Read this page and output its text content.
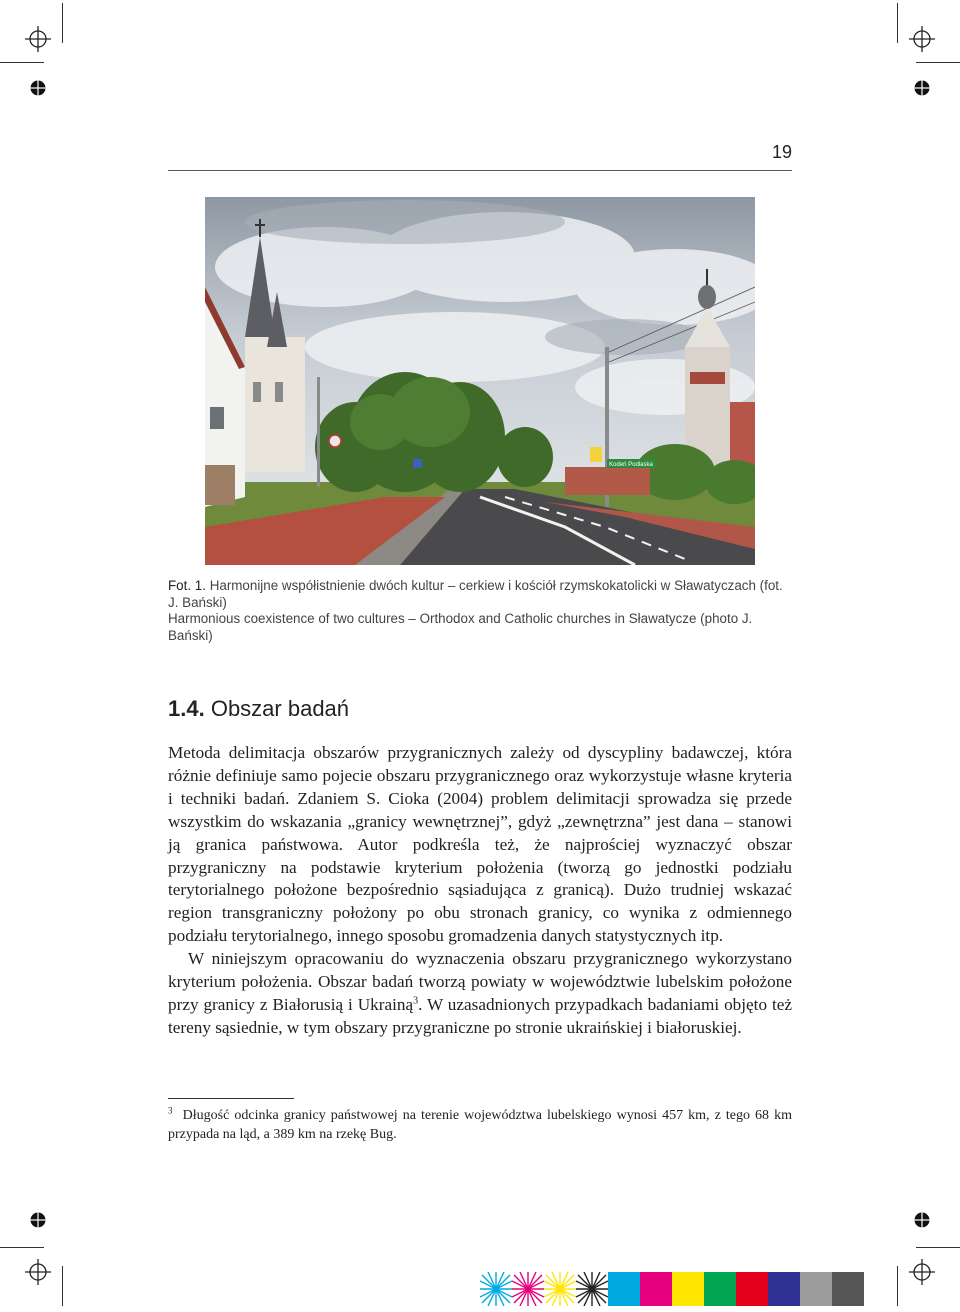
19
Kodeń Podlaska

Fot. 1. Harmonijne współistnienie dwóch kultur – cerkiew i kościół rzymskokatolicki w Sławatyczach (fot. J. Bański)

Harmonious coexistence of two cultures – Orthodox and Catholic churches in Sławatycze (photo J. Bański)

1.4. Obszar badań

Metoda delimitacja obszarów przygranicznych zależy od dyscypliny badawczej, która różnie definiuje samo pojecie obszaru przygranicznego oraz wykorzystuje własne kryteria i techniki badań. Zdaniem S. Cioka (2004) problem delimitacji sprowadza się przede wszystkim do wskazania „granicy wewnętrznej”, gdyż „zewnętrzna” jest dana – stanowi ją granica państwowa. Autor podkreśla też, że najprościej wyznaczyć obszar przygraniczny na podstawie kryterium położenia (tworzą go jednostki podziału terytorialnego położone bezpośrednio sąsiadująca z granicą). Dużo trudniej wskazać region transgraniczny położony po obu stronach granicy, co wynika z odmiennego podziału terytorialnego, innego sposobu gromadzenia danych statystycznych itp.

W niniejszym opracowaniu do wyznaczenia obszaru przygranicznego wykorzystano kryterium położenia. Obszar badań tworzą powiaty w województwie lubelskim położone przy granicy z Białorusią i Ukrainą$^3$. W uzasadnionych przypadkach badaniami objęto też tereny sąsiednie, w tym obszary przygraniczne po stronie ukraińskiej i białoruskiej.

$^3$ Długość odcinka granicy państwowej na terenie województwa lubelskiego wynosi 457 km, z tego 68 km przypada na ląd, a 389 km na rzekę Bug.
